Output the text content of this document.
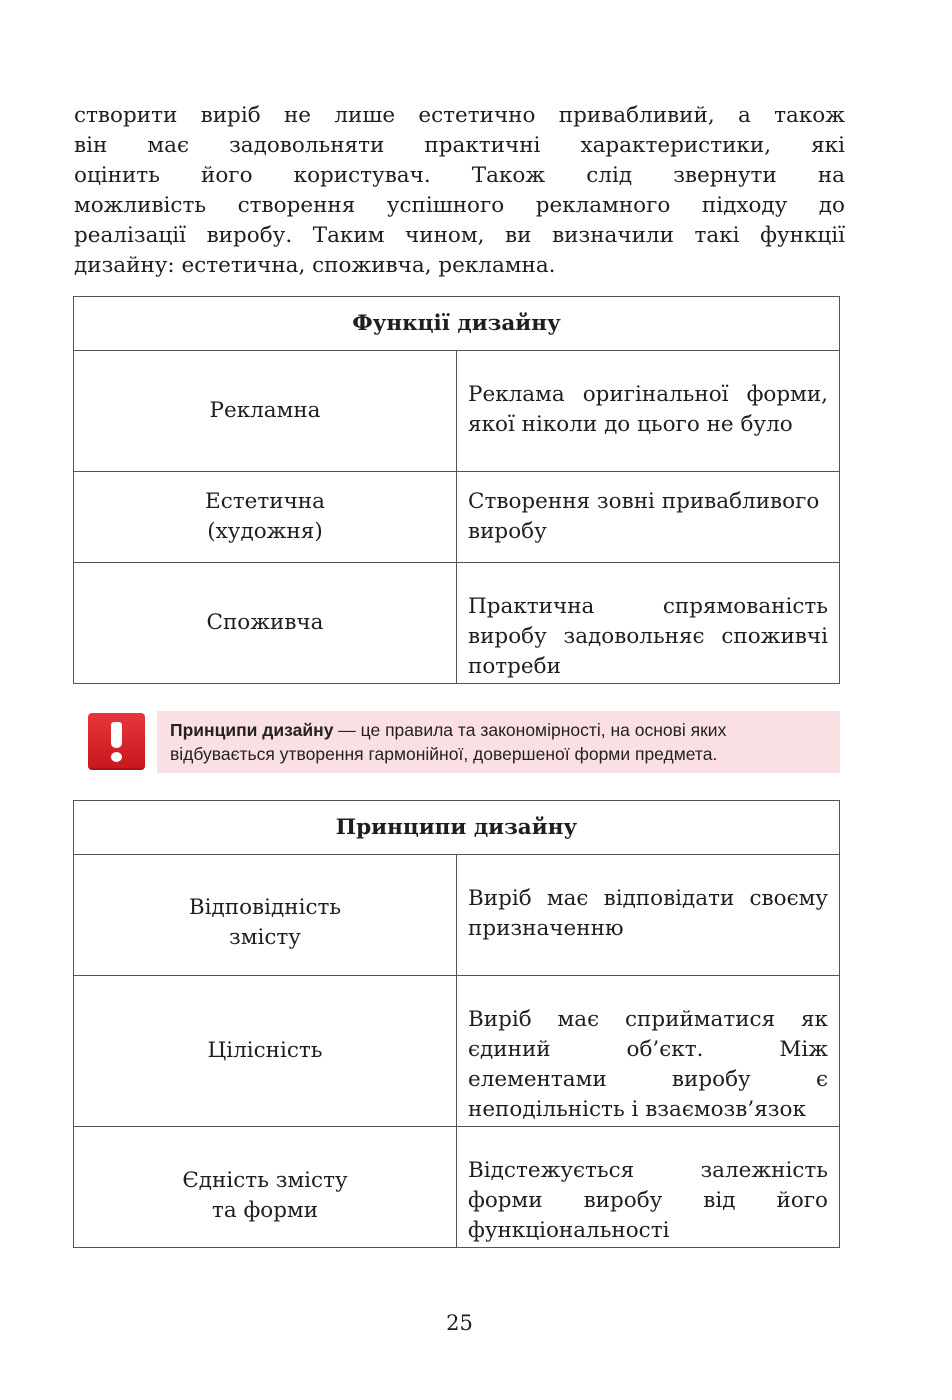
створити виріб не лише естетично привабливий, а також
він має задовольняти практичні характеристики, які
оцінить його користувач. Також слід звернути на
можливість створення успішного рекламного підходу до
реалізації виробу. Таким чином, ви визначили такі функції
дизайну: естетична, споживча, рекламна.
Функції дизайну	
Рекламна	Реклама оригінальної форми, якої ніколи до цього не було
Естетична
(художня)	Створення зовні привабливого виробу
Споживча	Практична спрямованість виробу задовольняє споживчі потреби
Принципи дизайну — це правила та закономірності, на основі яких відбувається утворення гармонійної, довершеної форми предмета.
Принципи дизайну	
Відповідність
змісту	Виріб має відповідати своєму призначенню
Цілісність	Виріб має сприйматися як єдиний об’єкт. Між елементами виробу є неподільність і взаємозв’язок
Єдність змісту
та форми	Відстежується залежність форми виробу від його функціональності
25
